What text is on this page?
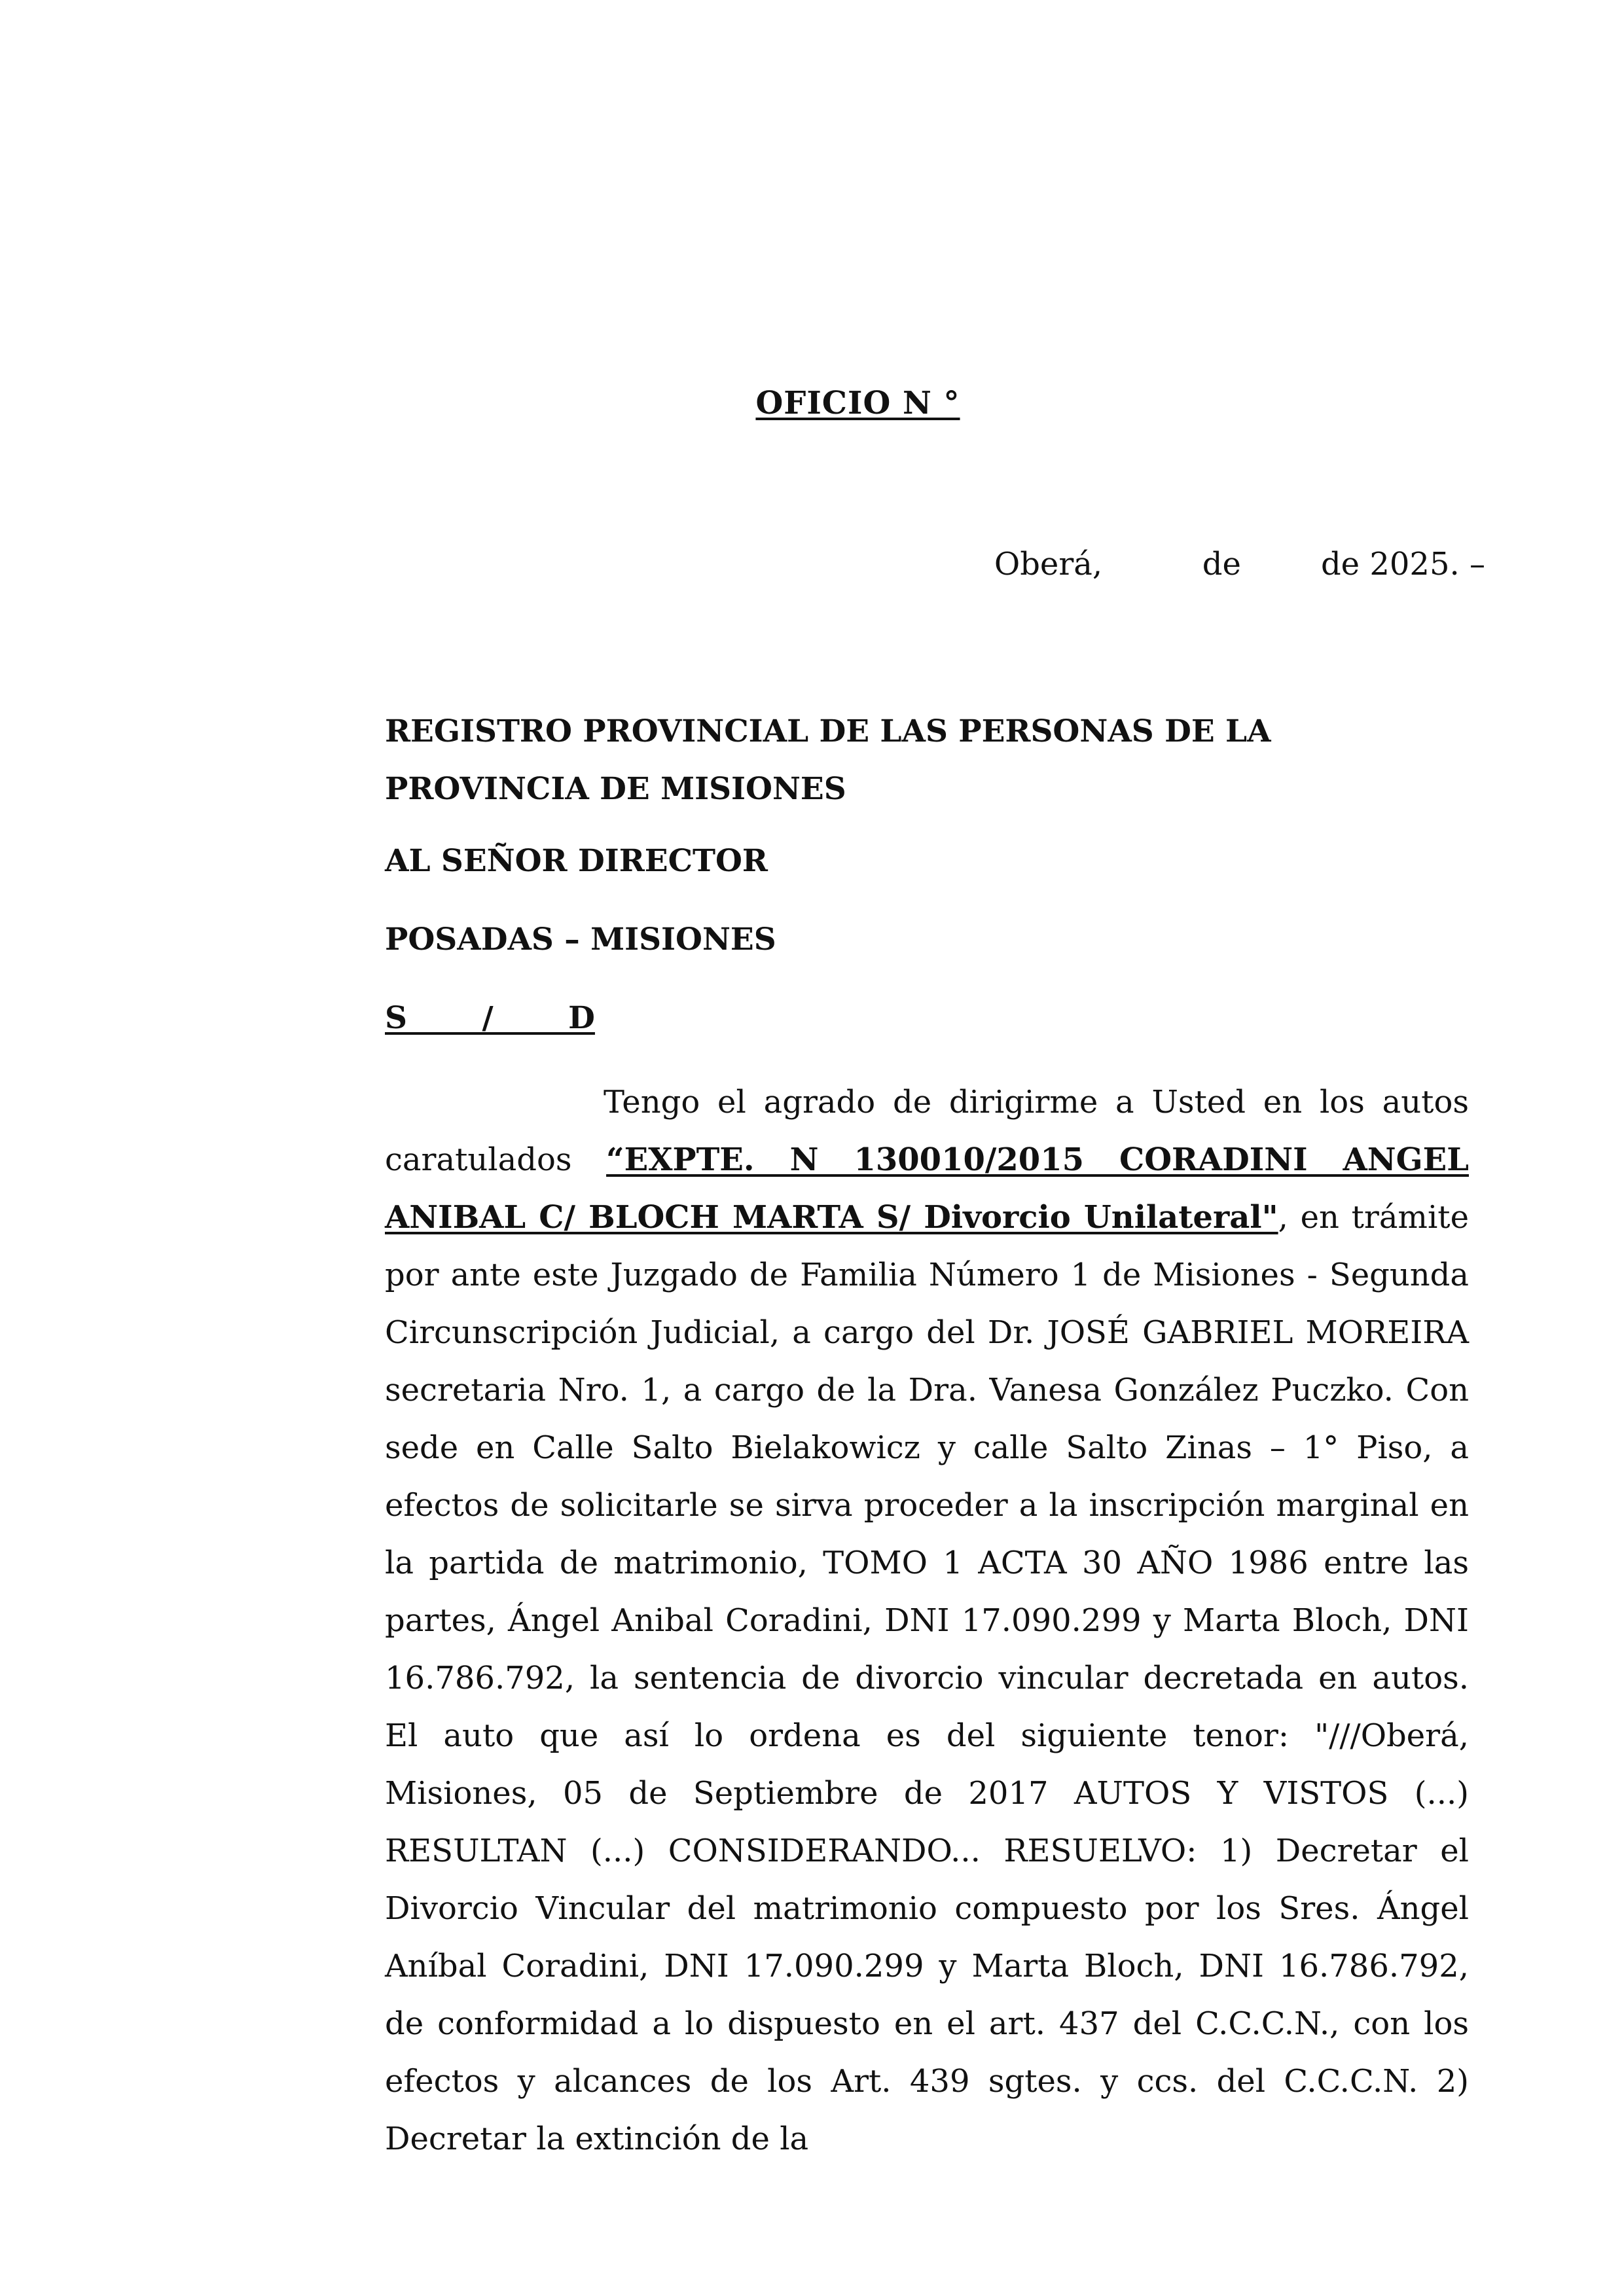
OFICIO N °
Oberá,	de	de 2025. –

REGISTRO PROVINCIAL DE LAS PERSONAS DE LA PROVINCIA DE MISIONES

AL SEÑOR DIRECTOR

POSADAS – MISIONES

S       /       D

Tengo el agrado de dirigirme a Usted en los autos caratulados “EXPTE. N 130010/2015 CORADINI ANGEL ANIBAL C/ BLOCH MARTA S/ Divorcio Unilateral", en trámite por ante este Juzgado de Familia Número 1 de Misiones - Segunda Circunscripción Judicial, a cargo del Dr. JOSÉ GABRIEL MOREIRA secretaria Nro. 1, a cargo de la Dra. Vanesa González Puczko. Con sede en Calle Salto Bielakowicz y calle Salto Zinas – 1° Piso, a efectos de solicitarle se sirva proceder a la inscripción marginal en la partida de matrimonio, TOMO 1 ACTA 30 AÑO 1986 entre las partes, Ángel Anibal Coradini, DNI 17.090.299 y Marta Bloch, DNI 16.786.792, la sentencia de divorcio vincular decretada en autos. El auto que así lo ordena es del siguiente tenor: "///Oberá, Misiones, 05 de Septiembre de 2017 AUTOS Y VISTOS (...) RESULTAN (...) CONSIDERANDO... RESUELVO: 1) Decretar el Divorcio Vincular del matrimonio compuesto por los Sres. Ángel Aníbal Coradini, DNI 17.090.299 y Marta Bloch, DNI 16.786.792, de conformidad a lo dispuesto en el art. 437 del C.C.C.N., con los efectos y alcances de los Art. 439 sgtes. y ccs. del C.C.C.N. 2) Decretar la extinción de la
